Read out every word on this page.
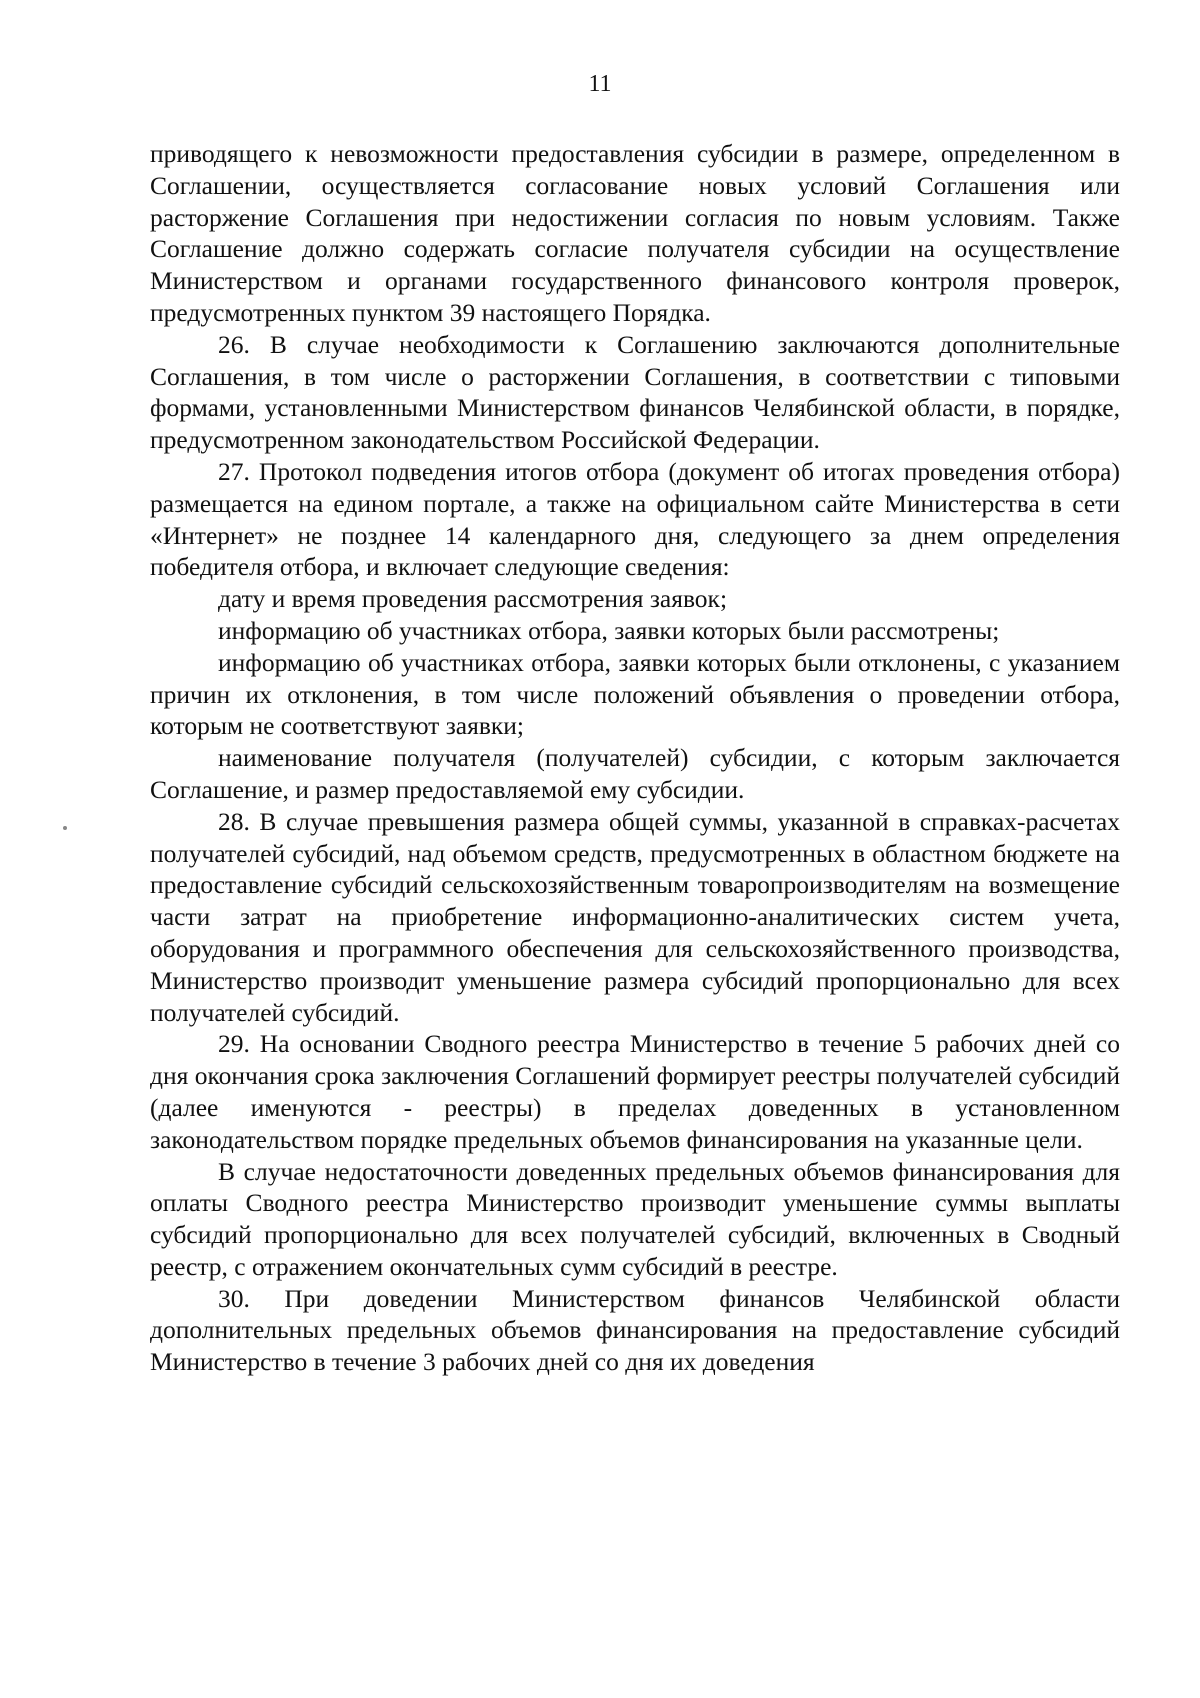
11

приводящего к невозможности предоставления субсидии в размере, определенном в Соглашении, осуществляется согласование новых условий Соглашения или расторжение Соглашения при недостижении согласия по новым условиям. Также Соглашение должно содержать согласие получателя субсидии на осуществление Министерством и органами государственного финансового контроля проверок, предусмотренных пунктом 39 настоящего Порядка.

26. В случае необходимости к Соглашению заключаются дополнительные Соглашения, в том числе о расторжении Соглашения, в соответствии с типовыми формами, установленными Министерством финансов Челябинской области, в порядке, предусмотренном законодательством Российской Федерации.

27. Протокол подведения итогов отбора (документ об итогах проведения отбора) размещается на едином портале, а также на официальном сайте Министерства в сети «Интернет» не позднее 14 календарного дня, следующего за днем определения победителя отбора, и включает следующие сведения:

дату и время проведения рассмотрения заявок;

информацию об участниках отбора, заявки которых были рассмотрены;

информацию об участниках отбора, заявки которых были отклонены, с указанием причин их отклонения, в том числе положений объявления о проведении отбора, которым не соответствуют заявки;

наименование получателя (получателей) субсидии, с которым заключается Соглашение, и размер предоставляемой ему субсидии.

28. В случае превышения размера общей суммы, указанной в справках-расчетах получателей субсидий, над объемом средств, предусмотренных в областном бюджете на предоставление субсидий сельскохозяйственным товаропроизводителям на возмещение части затрат на приобретение информационно-аналитических систем учета, оборудования и программного обеспечения для сельскохозяйственного производства, Министерство производит уменьшение размера субсидий пропорционально для всех получателей субсидий.

29. На основании Сводного реестра Министерство в течение 5 рабочих дней со дня окончания срока заключения Соглашений формирует реестры получателей субсидий (далее именуются - реестры) в пределах доведенных в установленном законодательством порядке предельных объемов финансирования на указанные цели.

В случае недостаточности доведенных предельных объемов финансирования для оплаты Сводного реестра Министерство производит уменьшение суммы выплаты субсидий пропорционально для всех получателей субсидий, включенных в Сводный реестр, с отражением окончательных сумм субсидий в реестре.

30. При доведении Министерством финансов Челябинской области дополнительных предельных объемов финансирования на предоставление субсидий Министерство в течение 3 рабочих дней со дня их доведения
